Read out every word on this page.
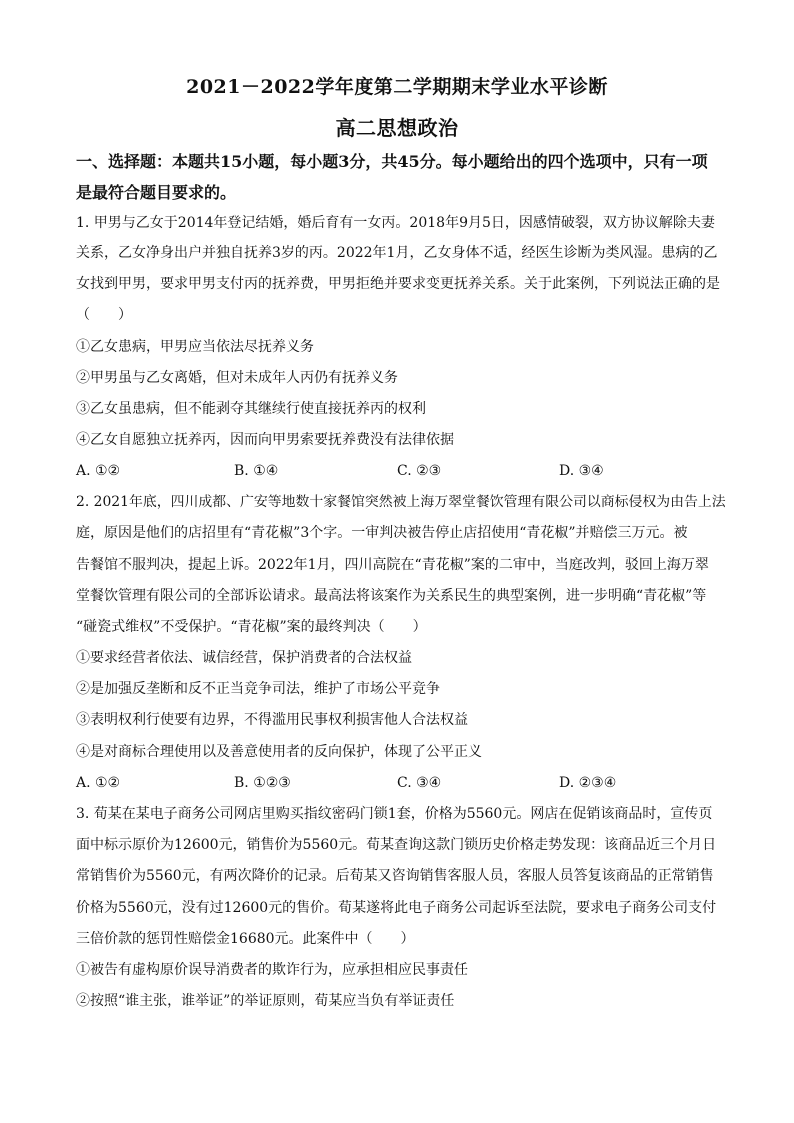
2021－2022学年度第二学期期末学业水平诊断
高二思想政治
一、选择题：本题共15小题，每小题3分，共45分。每小题给出的四个选项中，只有一项
是最符合题目要求的。
1. 甲男与乙女于2014年登记结婚，婚后育有一女丙。2018年9月5日，因感情破裂，双方协议解除夫妻
关系，乙女净身出户并独自抚养3岁的丙。2022年1月，乙女身体不适，经医生诊断为类风湿。患病的乙
女找到甲男，要求甲男支付丙的抚养费，甲男拒绝并要求变更抚养关系。关于此案例，下列说法正确的是
（　　）
①乙女患病，甲男应当依法尽抚养义务
②甲男虽与乙女离婚，但对未成年人丙仍有抚养义务
③乙女虽患病，但不能剥夺其继续行使直接抚养丙的权利
④乙女自愿独立抚养丙，因而向甲男索要抚养费没有法律依据
A. ①②	B. ①④	C. ②③	D. ③④
2. 2021年底，四川成都、广安等地数十家餐馆突然被上海万翠堂餐饮管理有限公司以商标侵权为由告上法
庭，原因是他们的店招里有“青花椒”3个字。一审判决被告停止店招使用“青花椒”并赔偿三万元。被
告餐馆不服判决，提起上诉。2022年1月，四川高院在“青花椒”案的二审中，当庭改判，驳回上海万翠
堂餐饮管理有限公司的全部诉讼请求。最高法将该案作为关系民生的典型案例，进一步明确“青花椒”等
“碰瓷式维权”不受保护。“青花椒”案的最终判决（　　）
①要求经营者依法、诚信经营，保护消费者的合法权益
②是加强反垄断和反不正当竞争司法，维护了市场公平竞争
③表明权利行使要有边界，不得滥用民事权利损害他人合法权益
④是对商标合理使用以及善意使用者的反向保护，体现了公平正义
A. ①②	B. ①②③	C. ③④	D. ②③④
3. 荀某在某电子商务公司网店里购买指纹密码门锁1套，价格为5560元。网店在促销该商品时，宣传页
面中标示原价为12600元，销售价为5560元。荀某查询这款门锁历史价格走势发现：该商品近三个月日
常销售价为5560元，有两次降价的记录。后荀某又咨询销售客服人员，客服人员答复该商品的正常销售
价格为5560元，没有过12600元的售价。荀某遂将此电子商务公司起诉至法院，要求电子商务公司支付
三倍价款的惩罚性赔偿金16680元。此案件中（　　）
①被告有虚构原价误导消费者的欺诈行为，应承担相应民事责任
②按照“谁主张，谁举证”的举证原则，荀某应当负有举证责任
